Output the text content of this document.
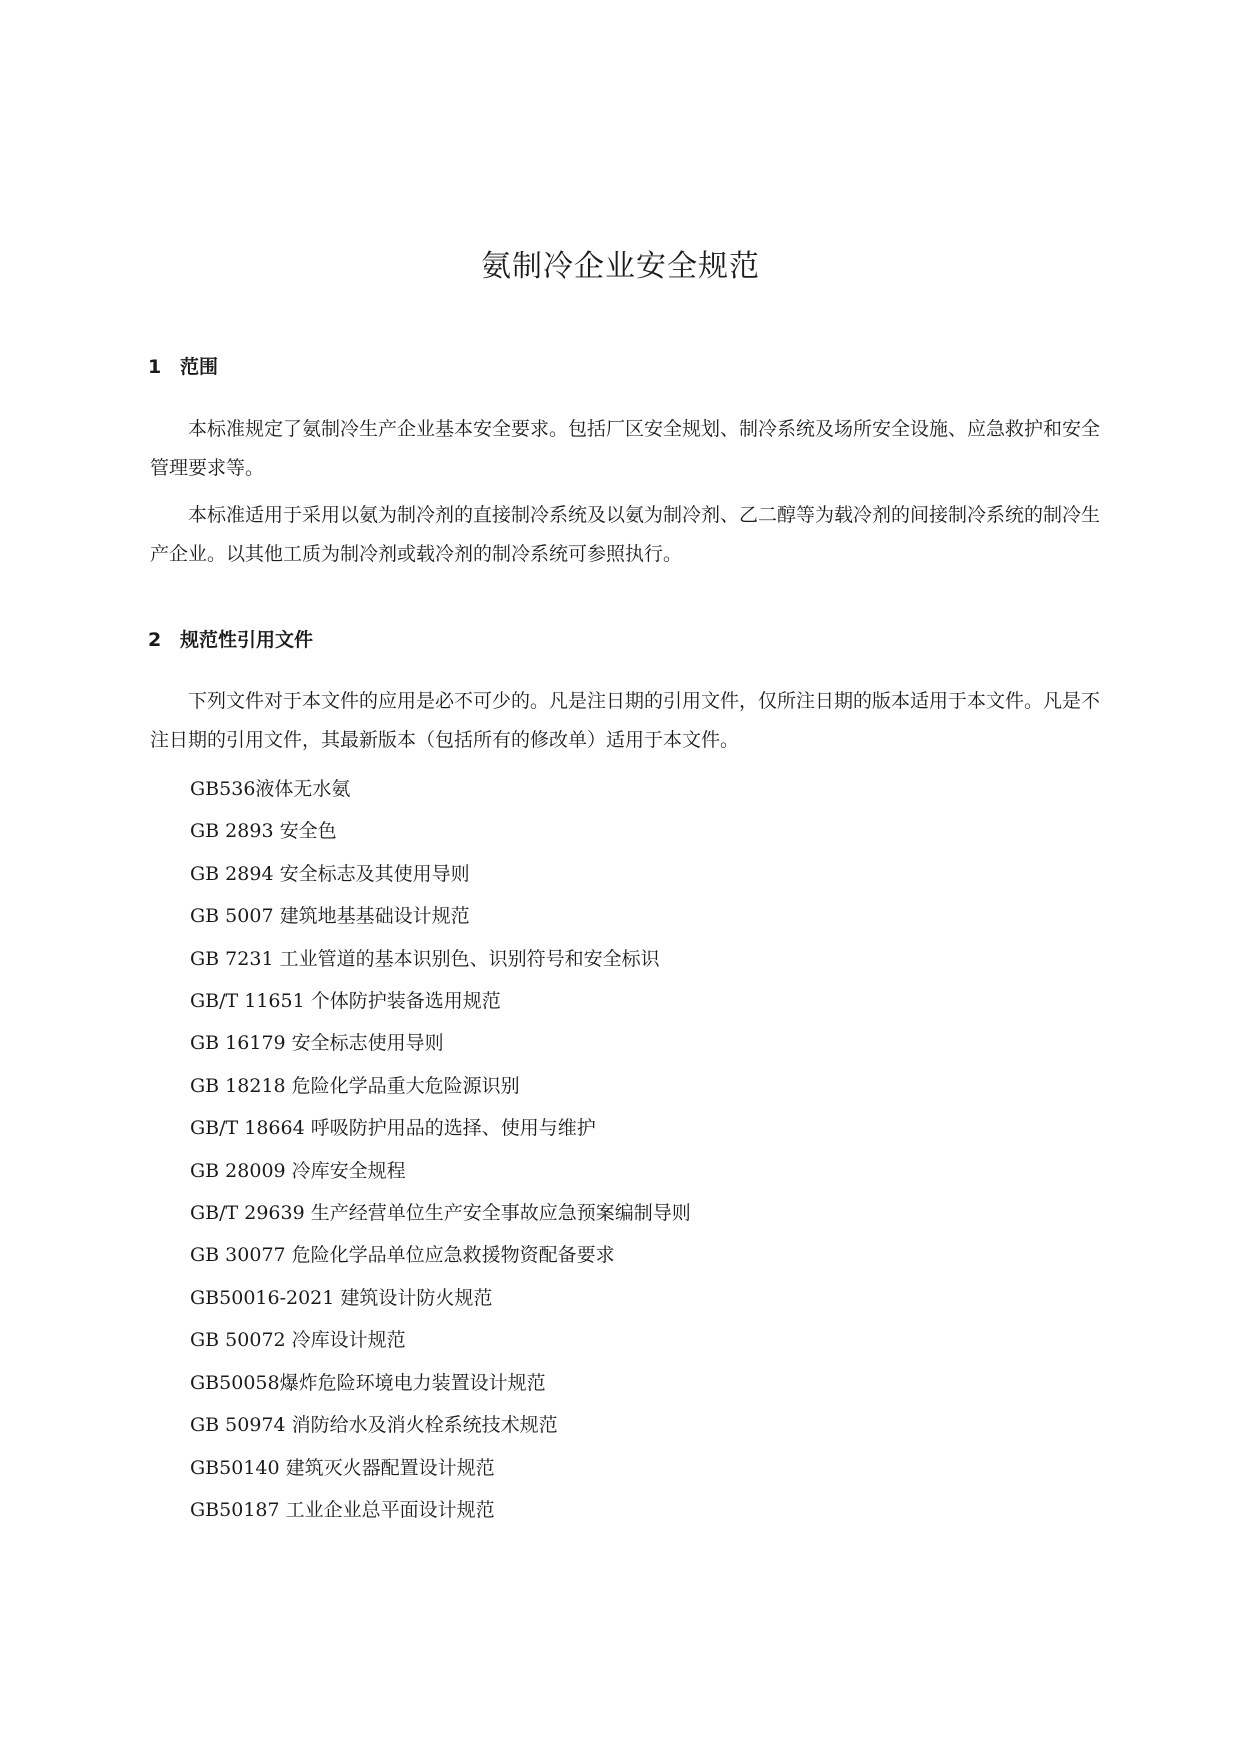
氨制冷企业安全规范
1 范围

本标准规定了氨制冷生产企业基本安全要求。包括厂区安全规划、制冷系统及场所安全设施、应急救护和安全管理要求等。

本标准适用于采用以氨为制冷剂的直接制冷系统及以氨为制冷剂、乙二醇等为载冷剂的间接制冷系统的制冷生产企业。以其他工质为制冷剂或载冷剂的制冷系统可参照执行。

2 规范性引用文件

下列文件对于本文件的应用是必不可少的。凡是注日期的引用文件，仅所注日期的版本适用于本文件。凡是不注日期的引用文件，其最新版本（包括所有的修改单）适用于本文件。

GB536液体无水氨
GB 2893 安全色
GB 2894 安全标志及其使用导则
GB 5007 建筑地基基础设计规范
GB 7231 工业管道的基本识别色、识别符号和安全标识
GB/T 11651 个体防护装备选用规范
GB 16179 安全标志使用导则
GB 18218 危险化学品重大危险源识别
GB/T 18664 呼吸防护用品的选择、使用与维护
GB 28009 冷库安全规程
GB/T 29639 生产经营单位生产安全事故应急预案编制导则
GB 30077 危险化学品单位应急救援物资配备要求
GB50016-2021 建筑设计防火规范
GB 50072 冷库设计规范
GB50058爆炸危险环境电力装置设计规范
GB 50974 消防给水及消火栓系统技术规范
GB50140 建筑灭火器配置设计规范
GB50187 工业企业总平面设计规范
